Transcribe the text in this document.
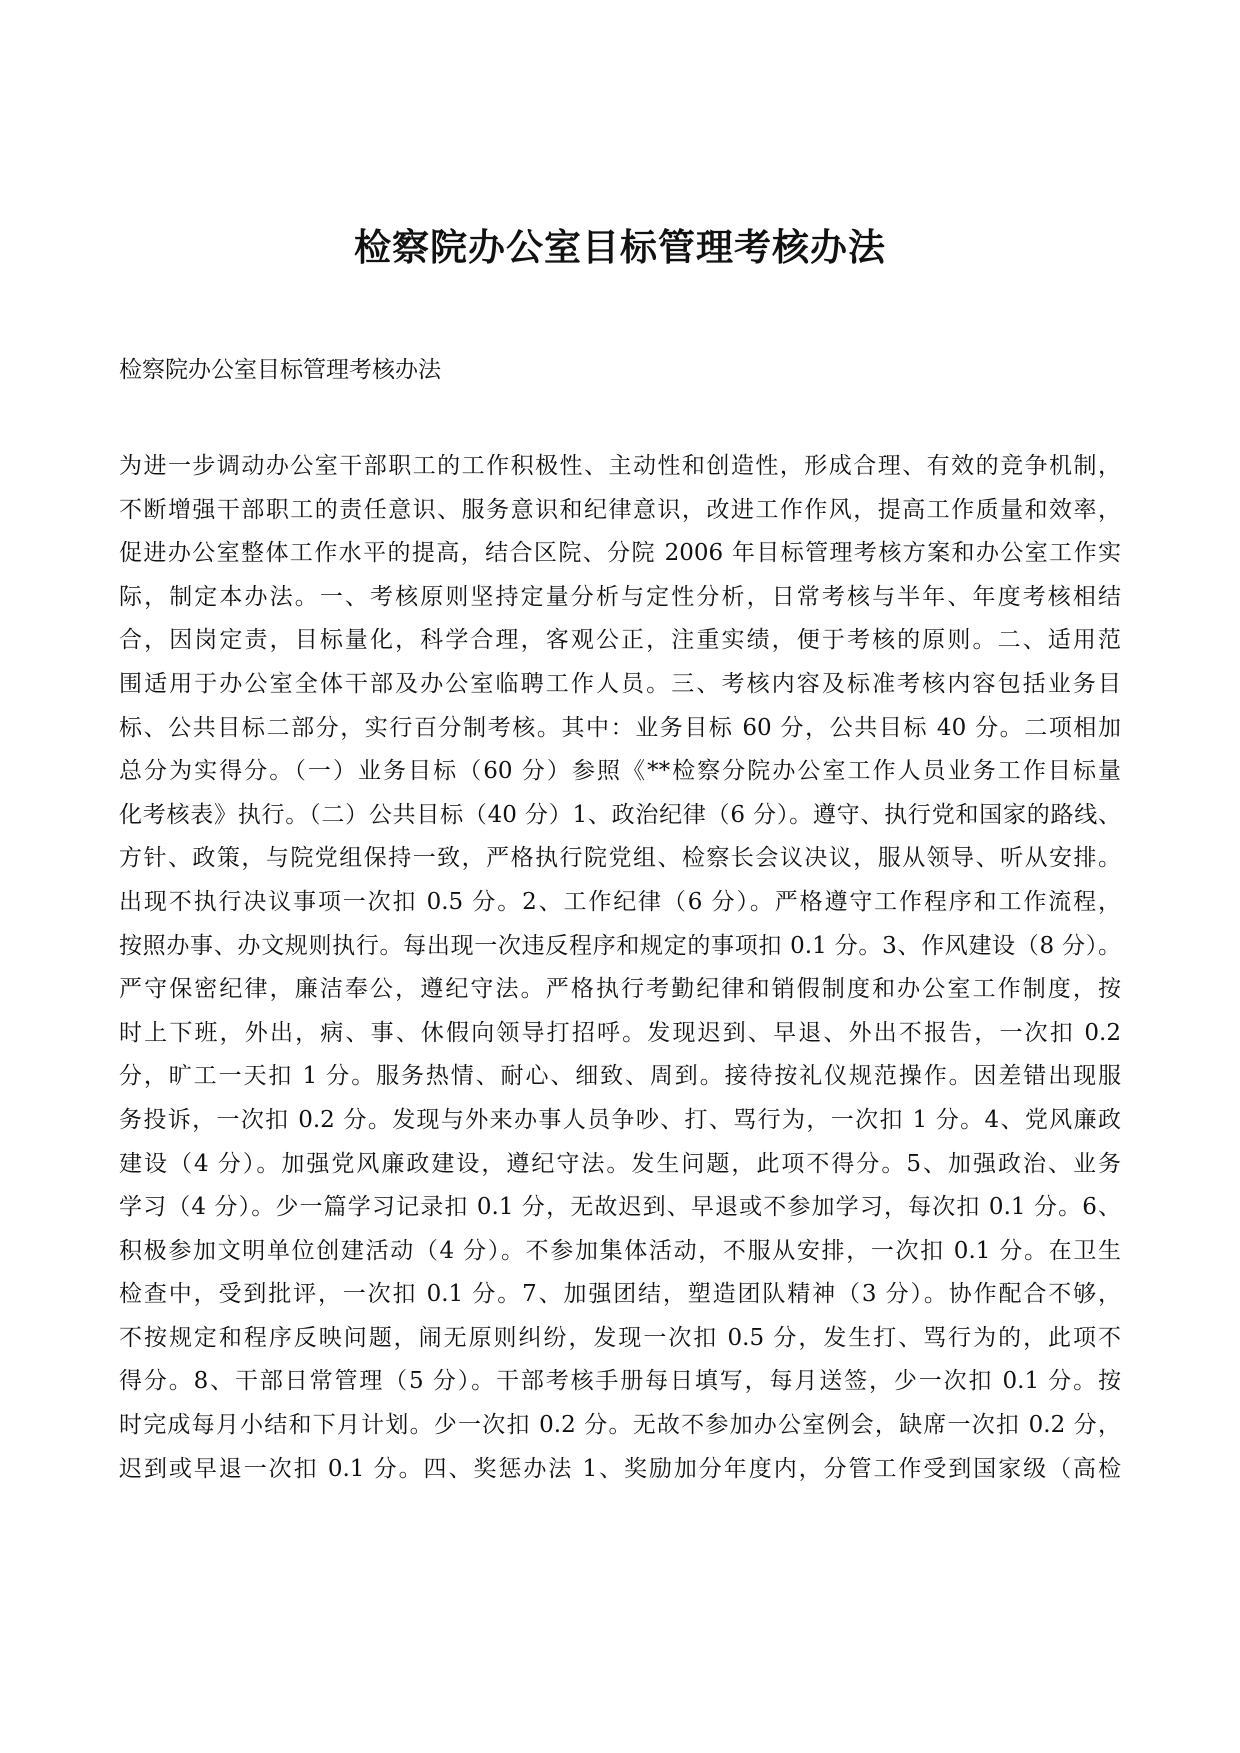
检察院办公室目标管理考核办法

检察院办公室目标管理考核办法

为进一步调动办公室干部职工的工作积极性、主动性和创造性，形成合理、有效的竞争机制，
不断增强干部职工的责任意识、服务意识和纪律意识，改进工作作风，提高工作质量和效率，
促进办公室整体工作水平的提高，结合区院、分院 2006 年目标管理考核方案和办公室工作实
际，制定本办法。一、考核原则坚持定量分析与定性分析，日常考核与半年、年度考核相结
合，因岗定责，目标量化，科学合理，客观公正，注重实绩，便于考核的原则。二、适用范
围适用于办公室全体干部及办公室临聘工作人员。三、考核内容及标准考核内容包括业务目
标、公共目标二部分，实行百分制考核。其中：业务目标 60 分，公共目标 40 分。二项相加
总分为实得分。（一）业务目标（60 分）参照《**检察分院办公室工作人员业务工作目标量
化考核表》执行。（二）公共目标（40 分）1、政治纪律（6 分）。遵守、执行党和国家的路线、
方针、政策，与院党组保持一致，严格执行院党组、检察长会议决议，服从领导、听从安排。
出现不执行决议事项一次扣 0.5 分。2、工作纪律（6 分）。严格遵守工作程序和工作流程，
按照办事、办文规则执行。每出现一次违反程序和规定的事项扣 0.1 分。3、作风建设（8 分）。
严守保密纪律，廉洁奉公，遵纪守法。严格执行考勤纪律和销假制度和办公室工作制度，按
时上下班，外出，病、事、休假向领导打招呼。发现迟到、早退、外出不报告，一次扣 0.2
分，旷工一天扣 1 分。服务热情、耐心、细致、周到。接待按礼仪规范操作。因差错出现服
务投诉，一次扣 0.2 分。发现与外来办事人员争吵、打、骂行为，一次扣 1 分。4、党风廉政
建设（4 分）。加强党风廉政建设，遵纪守法。发生问题，此项不得分。5、加强政治、业务
学习（4 分）。少一篇学习记录扣 0.1 分，无故迟到、早退或不参加学习，每次扣 0.1 分。6、
积极参加文明单位创建活动（4 分）。不参加集体活动，不服从安排，一次扣 0.1 分。在卫生
检查中，受到批评，一次扣 0.1 分。7、加强团结，塑造团队精神（3 分）。协作配合不够，
不按规定和程序反映问题，闹无原则纠纷，发现一次扣 0.5 分，发生打、骂行为的，此项不
得分。8、干部日常管理（5 分）。干部考核手册每日填写，每月送签，少一次扣 0.1 分。按
时完成每月小结和下月计划。少一次扣 0.2 分。无故不参加办公室例会，缺席一次扣 0.2 分，
迟到或早退一次扣 0.1 分。四、奖惩办法 1、奖励加分年度内，分管工作受到国家级（高检
